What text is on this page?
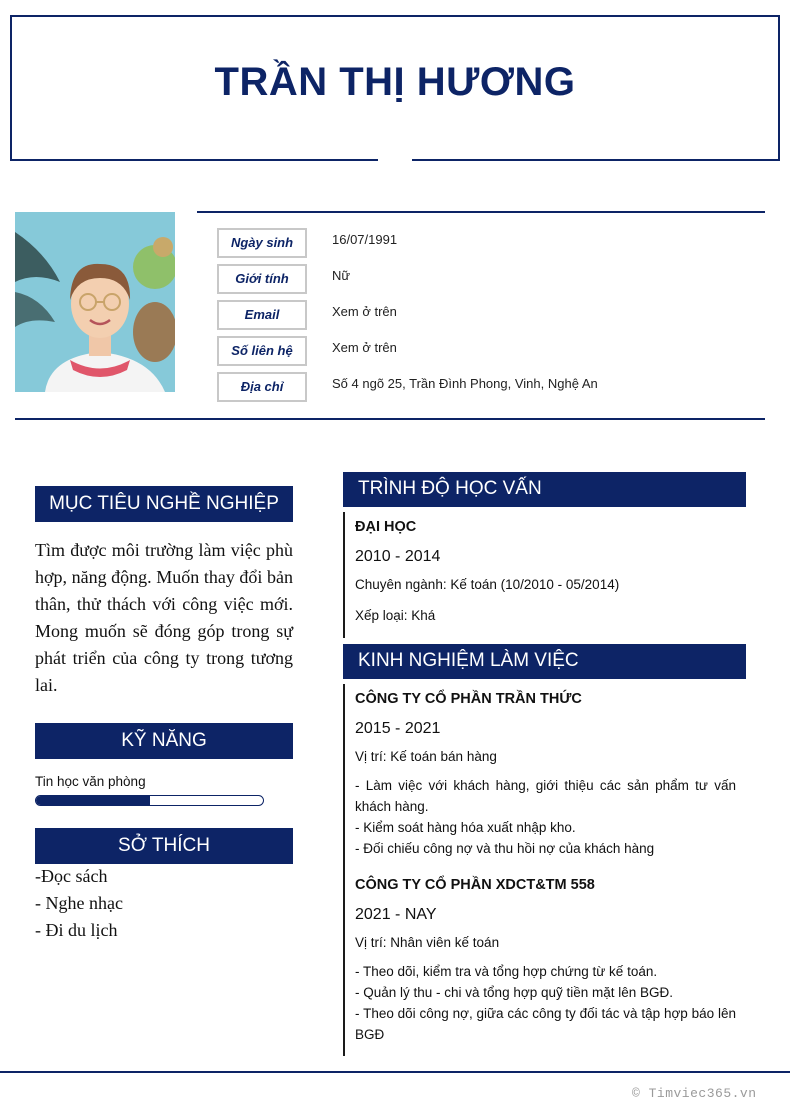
TRẦN THỊ HƯƠNG
Ngày sinh	16/07/1991
Giới tính	Nữ
Email	Xem ở trên
Số liên hệ	Xem ở trên
Địa chỉ	Số 4 ngõ 25, Trần Đình Phong, Vinh, Nghệ An
MỤC TIÊU NGHỀ NGHIỆP
Tìm được môi trường làm việc phù hợp, năng động. Muốn thay đổi bản thân, thử thách với công việc mới. Mong muốn sẽ đóng góp trong sự phát triển của công ty trong tương lai.
KỸ NĂNG
Tin học văn phòng
SỞ THÍCH
-Đọc sách
- Nghe nhạc
- Đi du lịch
TRÌNH ĐỘ HỌC VẤN
ĐẠI HỌC
2010 - 2014
Chuyên ngành: Kế toán (10/2010 - 05/2014)
Xếp loại: Khá
KINH NGHIỆM LÀM VIỆC
CÔNG TY CỔ PHẦN TRẦN THỨC
2015 - 2021
Vị trí: Kế toán bán hàng
- Làm việc với khách hàng, giới thiệu các sản phẩm tư vấn khách hàng.
- Kiểm soát hàng hóa xuất nhập kho.
- Đối chiếu công nợ và thu hồi nợ của khách hàng
CÔNG TY CỔ PHẦN XDCT&TM 558
2021 - NAY
Vị trí: Nhân viên kế toán
- Theo dõi, kiểm tra và tổng hợp chứng từ kế toán.
- Quản lý thu - chi và tổng hợp quỹ tiền mặt lên BGĐ.
- Theo dõi công nợ, giữa các công ty đối tác và tập hợp báo lên BGĐ
© Timviec365.vn
